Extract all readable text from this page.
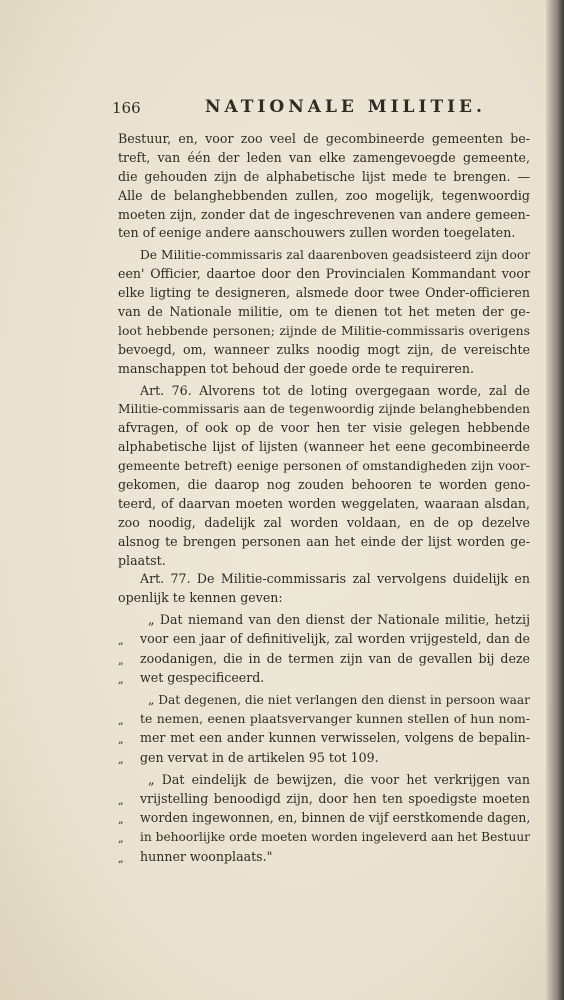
166	NATIONALE MILITIE.
Bestuur, en, voor zoo veel de gecombineerde gemeenten be-
treft, van één der leden van elke zamengevoegde gemeente,
die gehouden zijn de alphabetische lijst mede te brengen. —
Alle de belanghebbenden zullen, zoo mogelijk, tegenwoordig
moeten zijn, zonder dat de ingeschrevenen van andere gemeen-
ten of eenige andere aanschouwers zullen worden toegelaten.
De Militie-commissaris zal daarenboven geadsisteerd zijn door
een' Officier, daartoe door den Provincialen Kommandant voor
elke ligting te designeren, alsmede door twee Onder-officieren
van de Nationale militie, om te dienen tot het meten der ge-
loot hebbende personen; zijnde de Militie-commissaris overigens
bevoegd, om, wanneer zulks noodig mogt zijn, de vereischte
manschappen tot behoud der goede orde te requireren.
Art. 76. Alvorens tot de loting overgegaan worde, zal de
Militie-commissaris aan de tegenwoordig zijnde belanghebbenden
afvragen, of ook op de voor hen ter visie gelegen hebbende
alphabetische lijst of lijsten (wanneer het eene gecombineerde
gemeente betreft) eenige personen of omstandigheden zijn voor-
gekomen, die daarop nog zouden behooren te worden geno-
teerd, of daarvan moeten worden weggelaten, waaraan alsdan,
zoo noodig, dadelijk zal worden voldaan, en de op dezelve
alsnog te brengen personen aan het einde der lijst worden ge-
plaatst.
Art. 77. De Militie-commissaris zal vervolgens duidelijk en
openlijk te kennen geven:
„ Dat niemand van den dienst der Nationale militie, hetzij
„ voor een jaar of definitivelijk, zal worden vrijgesteld, dan de
„ zoodanigen, die in de termen zijn van de gevallen bij deze
„ wet gespecificeerd.
„ Dat degenen, die niet verlangen den dienst in persoon waar
„ te nemen, eenen plaatsvervanger kunnen stellen of hun nom-
„ mer met een ander kunnen verwisselen, volgens de bepalin-
„ gen vervat in de artikelen 95 tot 109.
„ Dat eindelijk de bewijzen, die voor het verkrijgen van
„ vrijstelling benoodigd zijn, door hen ten spoedigste moeten
„ worden ingewonnen, en, binnen de vijf eerstkomende dagen,
„ in behoorlijke orde moeten worden ingeleverd aan het Bestuur
„ hunner woonplaats."
